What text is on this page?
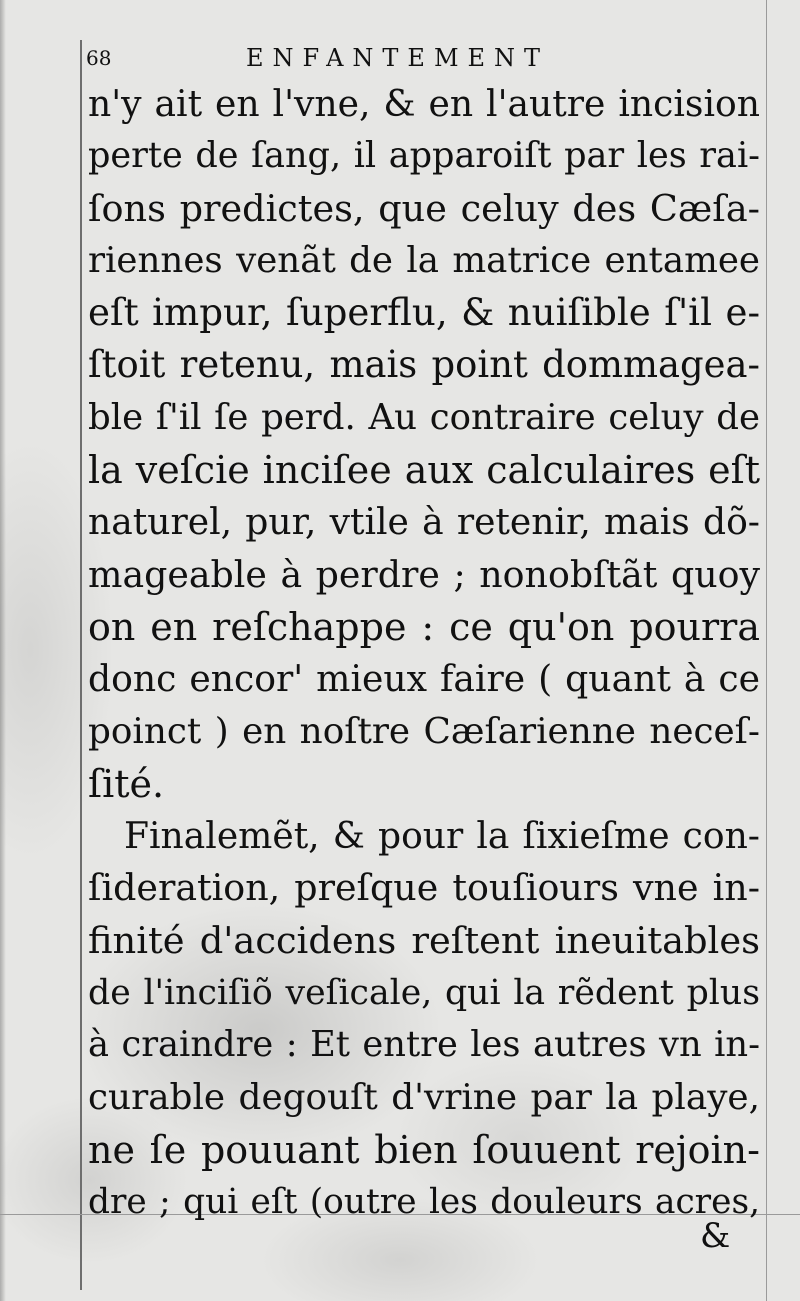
68	ENFANTEMENT
n'y ait en l'vne, & en l'autre incision
perte de ſang, il apparoiſt par les rai-
ſons predictes, que celuy des Cæſa-
riennes venãt de la matrice entamee
eſt impur, ſuperflu, & nuiſible ſ'il e-
ſtoit retenu, mais point dommagea-
ble ſ'il ſe perd. Au contraire celuy de
la veſcie inciſee aux calculaires eſt
naturel, pur, vtile à retenir, mais dõ-
mageable à perdre ; nonobſtãt quoy
on en reſchappe : ce qu'on pourra
donc encor' mieux faire ( quant à ce
poinct ) en noſtre Cæſarienne neceſ-
ſité.
Finalemẽt, & pour la ſixieſme con-
ſideration, preſque touſiours vne in-
finité d'accidens reſtent ineuitables
de l'inciſiõ veſicale, qui la rẽdent plus
à craindre : Et entre les autres vn in-
curable degouſt d'vrine par la playe,
ne ſe pouuant bien ſouuent rejoin-
dre ; qui eſt (outre les douleurs acres,
&
